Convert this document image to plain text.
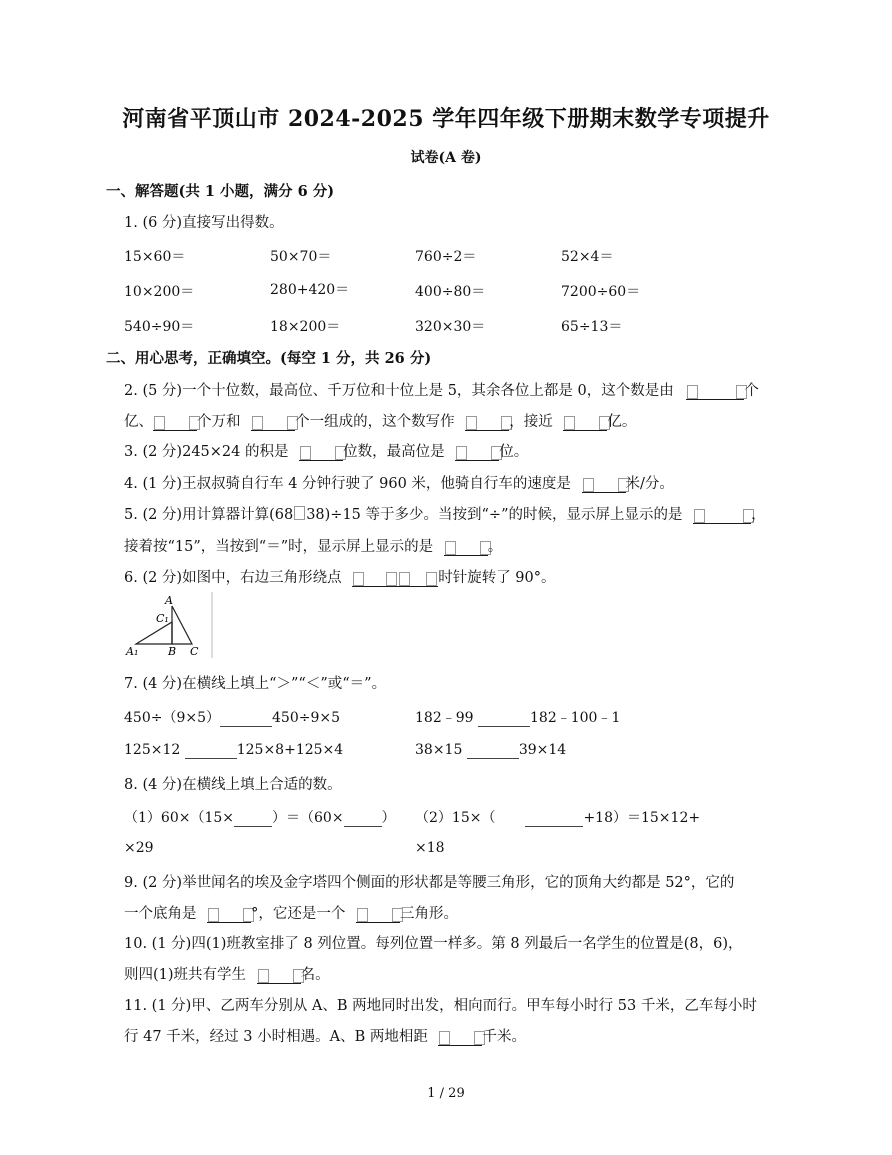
河南省平顶山市 2024-2025 学年四年级下册期末数学专项提升
试卷(A 卷)
一、解答题(共 1 小题，满分 6 分)
1. (6 分)直接写出得数。
15×60＝	50×70＝	760÷2＝	52×4＝
10×200＝	280+420＝	400÷80＝	7200÷60＝
540÷90＝	18×200＝	320×30＝	65÷13＝
二、用心思考，正确填空。(每空 1 分，共 26 分)
2. (5 分)一个十位数，最高位、千万位和十位上是 5，其余各位上都是 0，这个数是由	个
亿、	个万和	个一组成的，这个数写作	，接近	亿。
3. (2 分)245×24 的积是	位数，最高位是	位。
4. (1 分)王叔叔骑自行车 4 分钟行驶了 960 米，他骑自行车的速度是	米/分。
5. (2 分)用计算器计算(68 38)÷15 等于多少。当按到“÷”的时候，显示屏上显示的是	，
接着按“15”，当按到“＝”时，显示屏上显示的是	。
6. (2 分)如图中，右边三角形绕点	时针旋转了 90°。
A
C₁
A₁	B C
7. (4 分)在横线上填上“＞”“＜”或“＝”。
450÷（9×5）	450÷9×5	182﹣99	182﹣100﹣1
125×12	125×8+125×4	38×15	39×14
8. (4 分)在横线上填上合适的数。
（1）60×（15×	）＝（60×	） （2）15×（	+18）＝15×12+
×29	×18
9. (2 分)举世闻名的埃及金字塔四个侧面的形状都是等腰三角形，它的顶角大约都是 52°，它的
一个底角是	°，它还是一个	三角形。
10. (1 分)四(1)班教室排了 8 列位置。每列位置一样多。第 8 列最后一名学生的位置是(8，6)，
则四(1)班共有学生	名。
11. (1 分)甲、乙两车分别从 A、B 两地同时出发，相向而行。甲车每小时行 53 千米，乙车每小时
行 47 千米，经过 3 小时相遇。A、B 两地相距	千米。
1 / 29
